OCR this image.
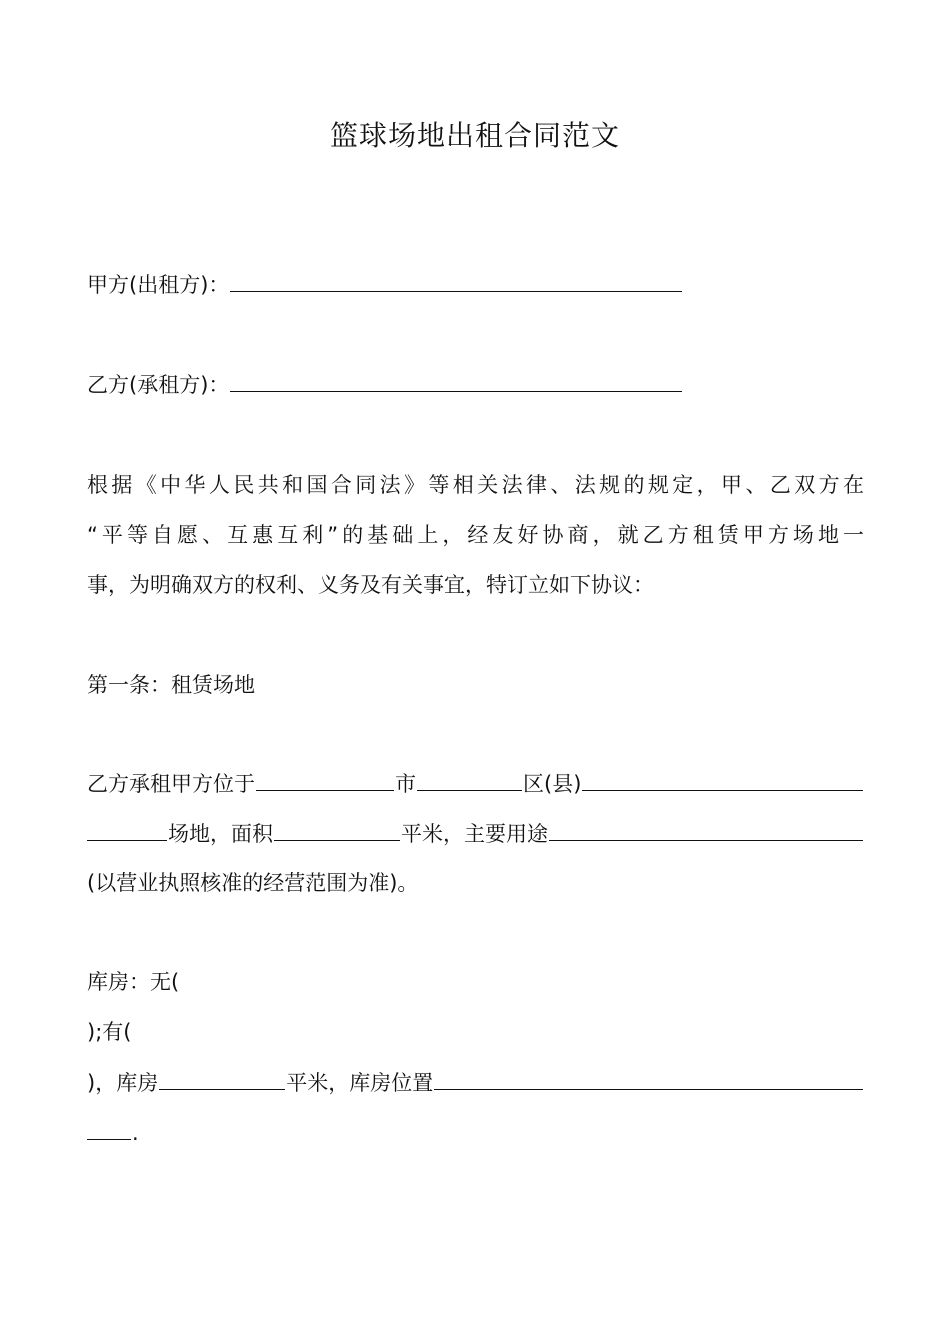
篮球场地出租合同范文
甲方(出租方)：
乙方(承租方)：
根据《中华人民共和国合同法》等相关法律、法规的规定，甲、乙双方在
“平等自愿、互惠互利”的基础上，经友好协商，就乙方租赁甲方场地一
事，为明确双方的权利、义务及有关事宜，特订立如下协议：
第一条：租赁场地
乙方承租甲方位于	市	区(县)
场地，面积	平米，主要用途
(以营业执照核准的经营范围为准)。
库房：无(
);有(
)，库房	平米，库房位置
.
